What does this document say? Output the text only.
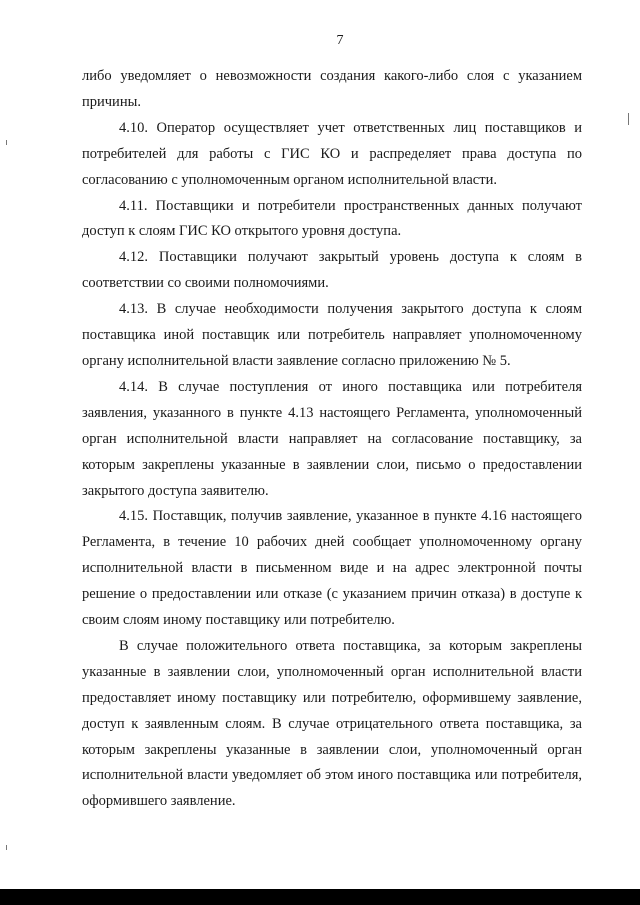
7

либо уведомляет о невозможности создания какого-либо слоя с указанием причины.

4.10. Оператор осуществляет учет ответственных лиц поставщиков и потребителей для работы с ГИС КО и распределяет права доступа по согласованию с уполномоченным органом исполнительной власти.

4.11. Поставщики и потребители пространственных данных получают доступ к слоям ГИС КО открытого уровня доступа.

4.12. Поставщики получают закрытый уровень доступа к слоям в соответствии со своими полномочиями.

4.13. В случае необходимости получения закрытого доступа к слоям поставщика иной поставщик или потребитель направляет уполномоченному органу исполнительной власти заявление согласно приложению № 5.

4.14. В случае поступления от иного поставщика или потребителя заявления, указанного в пункте 4.13 настоящего Регламента, уполномоченный орган исполнительной власти направляет на согласование поставщику, за которым закреплены указанные в заявлении слои, письмо о предоставлении закрытого доступа заявителю.

4.15. Поставщик, получив заявление, указанное в пункте 4.16 настоящего Регламента, в течение 10 рабочих дней сообщает уполномоченному органу исполнительной власти в письменном виде и на адрес электронной почты решение о предоставлении или отказе (с указанием причин отказа) в доступе к своим слоям иному поставщику или потребителю.

В случае положительного ответа поставщика, за которым закреплены указанные в заявлении слои, уполномоченный орган исполнительной власти предоставляет иному поставщику или потребителю, оформившему заявление, доступ к заявленным слоям. В случае отрицательного ответа поставщика, за которым закреплены указанные в заявлении слои, уполномоченный орган исполнительной власти уведомляет об этом иного поставщика или потребителя, оформившего заявление.
